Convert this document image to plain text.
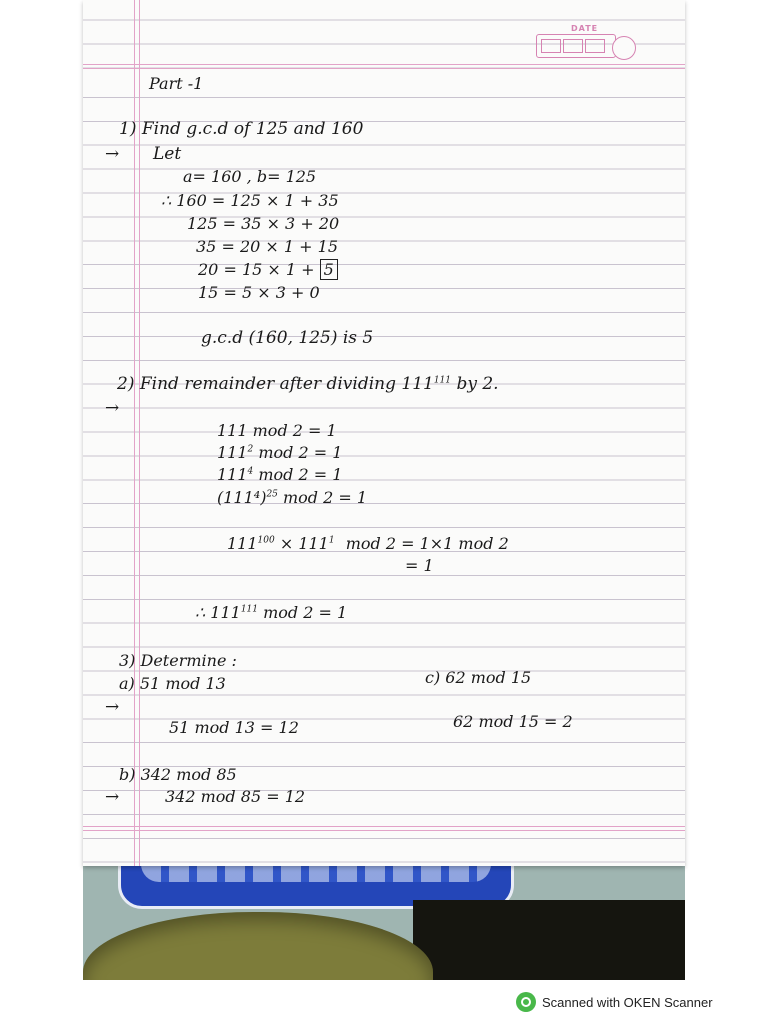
DATE
Part -1
1) Find g.c.d of 125 and 160
→ Let
a= 160 , b= 125
∴ 160 = 125 × 1 + 35
125 = 35 × 3 + 20
35 = 20 × 1 + 15
20 = 15 × 1 + 5
15 = 5 × 3 + 0
g.c.d (160, 125) is 5
2) Find remainder after dividing $111^{111}$ by 2.
→
111 mod 2 = 1
$111^2$ mod 2 = 1
$111^4$ mod 2 = 1
$(111^4)^{25}$ mod 2 = 1
$111^{100} \times 111^1$ mod 2 = 1×1 mod 2
= 1
∴ $111^{111}$ mod 2 = 1
3) Determine :
a) 51 mod 13	c) 62 mod 15
→
51 mod 13 = 12	62 mod 15 = 2
b) 342 mod 85
→	342 mod 85 = 12
Scanned with OKEN Scanner
